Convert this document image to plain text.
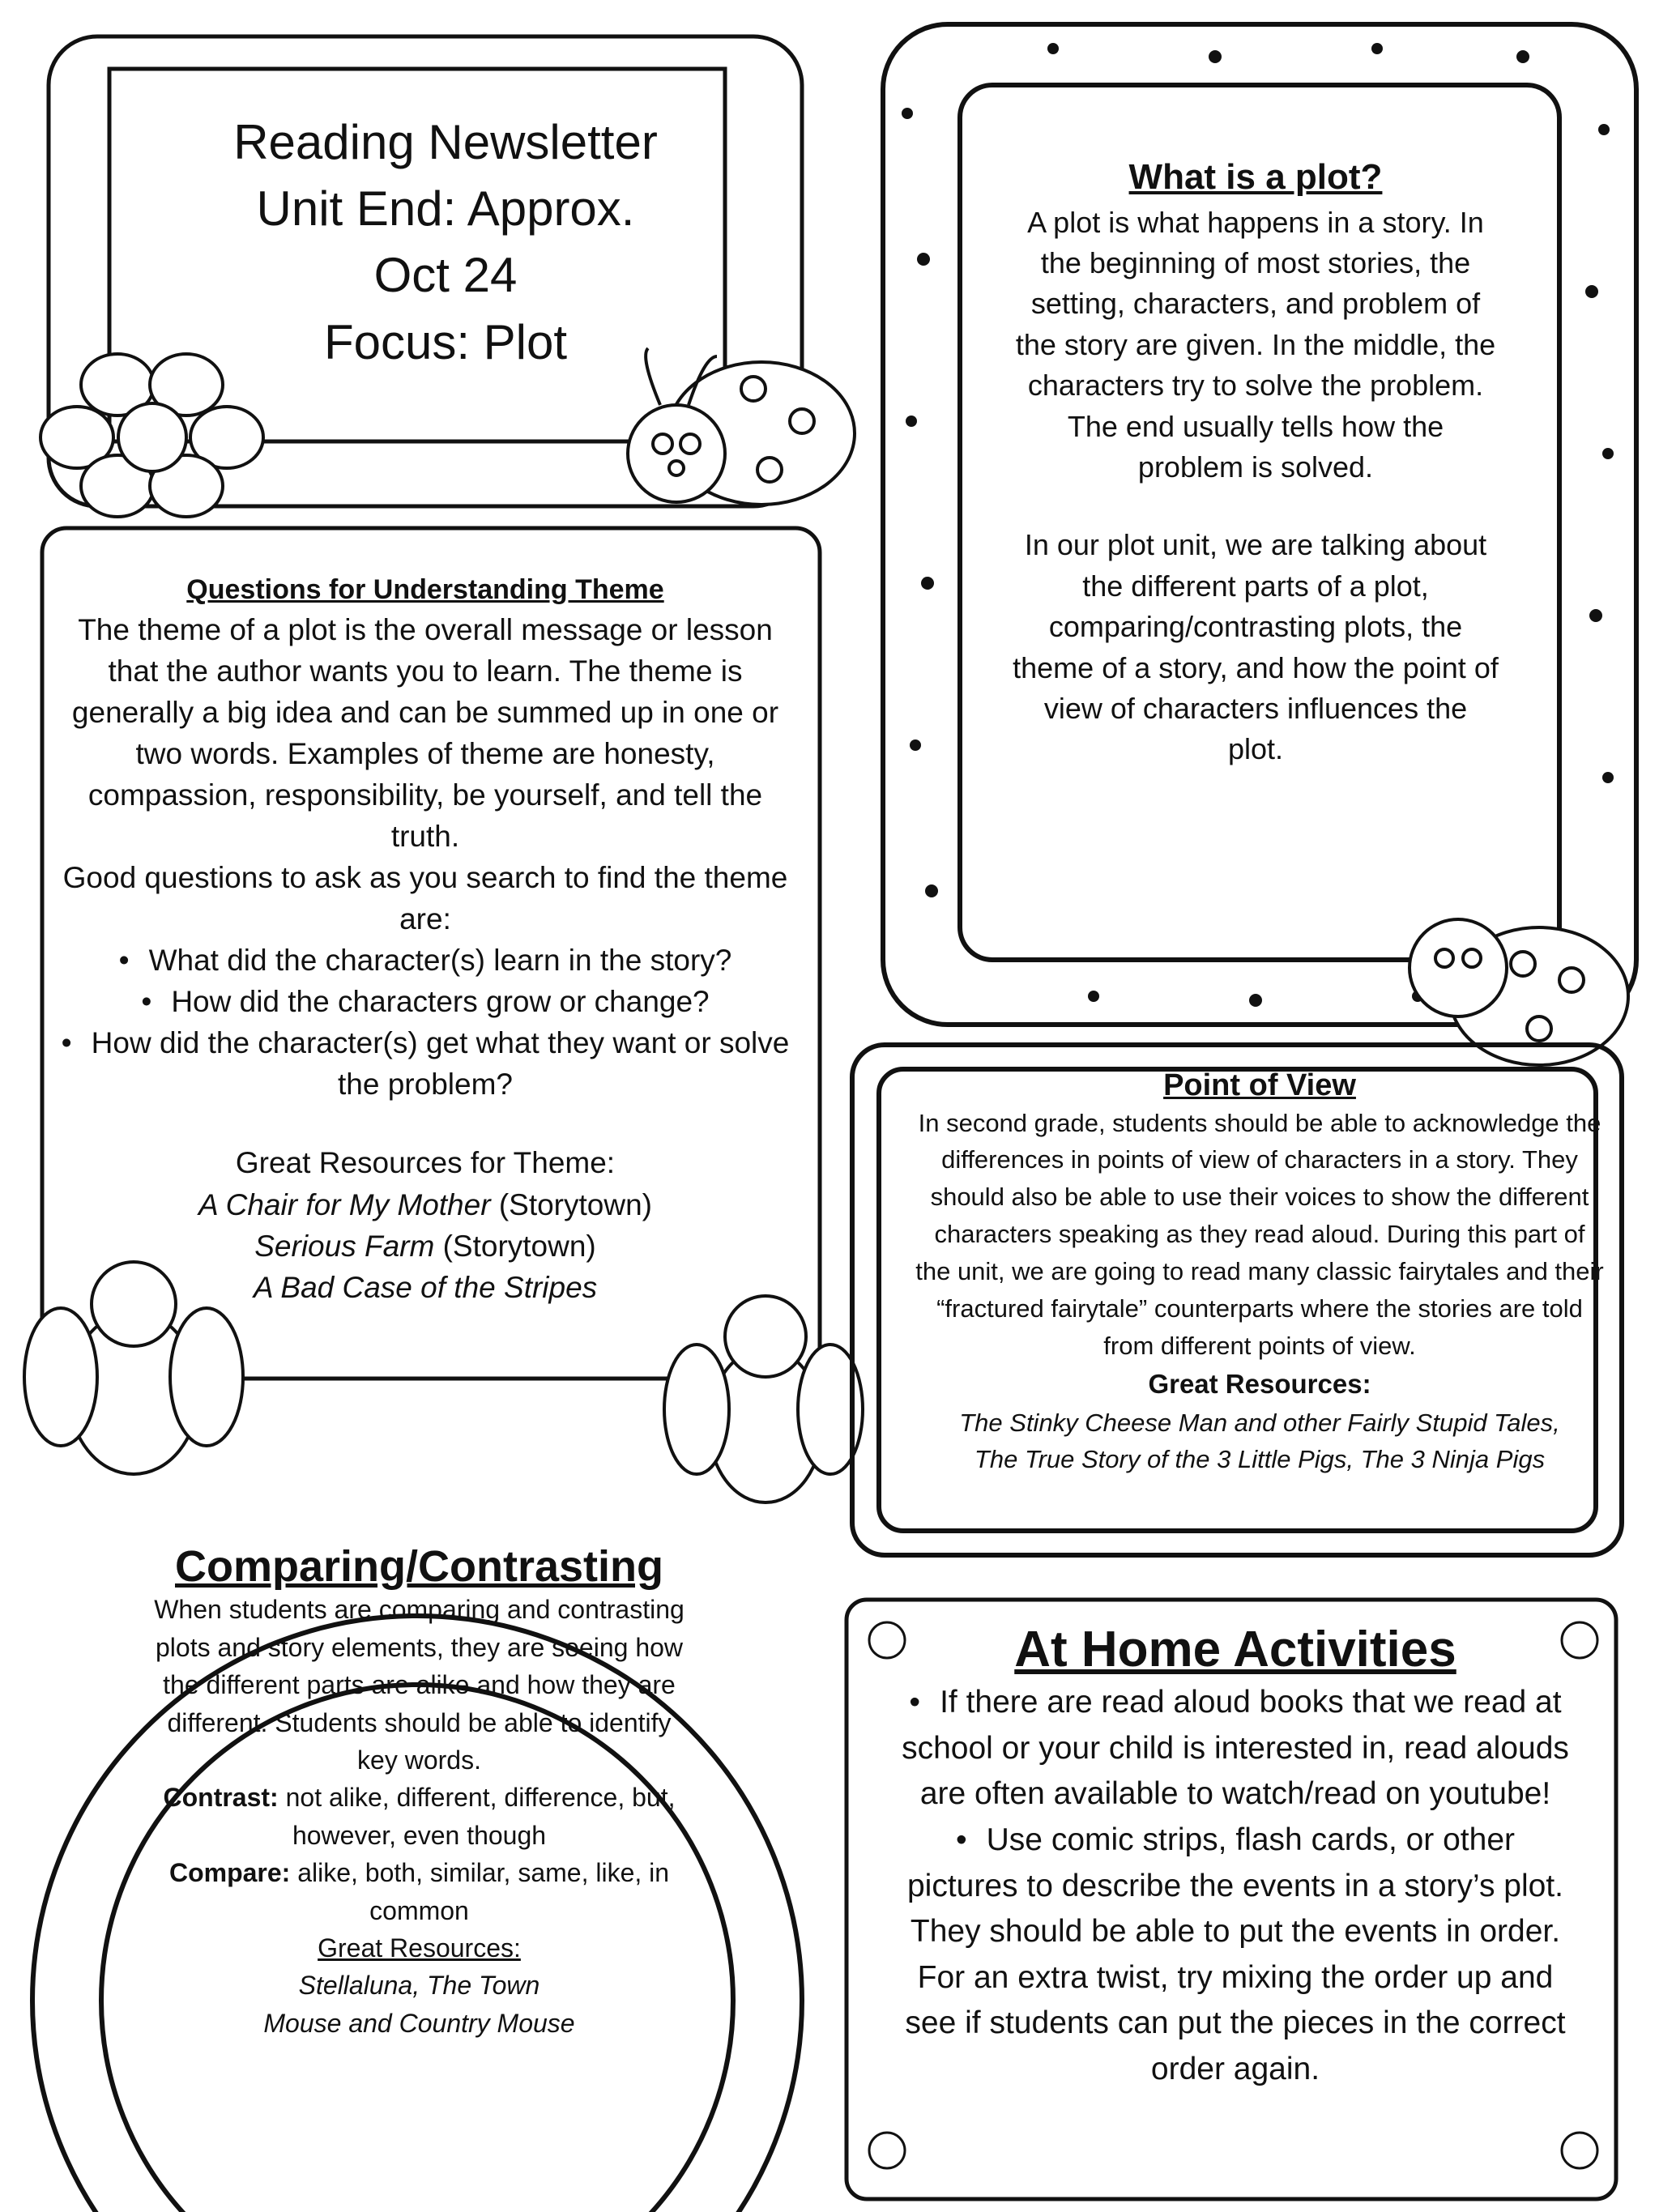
Reading Newsletter
Unit End: Approx.
Oct 24
Focus: Plot
What is a plot?
A plot is what happens in a story. In the beginning of most stories, the setting, characters, and problem of the story are given. In the middle, the characters try to solve the problem. The end usually tells how the problem is solved.
In our plot unit, we are talking about the different parts of a plot, comparing/contrasting plots, the theme of a story, and how the point of view of characters influences the plot.
Questions for Understanding Theme
The theme of a plot is the overall message or lesson that the author wants you to learn. The theme is generally a big idea and can be summed up in one or two words. Examples of theme are honesty, compassion, responsibility, be yourself, and tell the truth.
Good questions to ask as you search to find the theme are:
• What did the character(s) learn in the story?
• How did the characters grow or change?
• How did the character(s) get what they want or solve the problem?
Great Resources for Theme:
A Chair for My Mother (Storytown)
Serious Farm (Storytown)
A Bad Case of the Stripes
Point of View
In second grade, students should be able to acknowledge the differences in points of view of characters in a story. They should also be able to use their voices to show the different characters speaking as they read aloud. During this part of the unit, we are going to read many classic fairytales and their “fractured fairytale” counterparts where the stories are told from different points of view.
Great Resources:
The Stinky Cheese Man and other Fairly Stupid Tales,
The True Story of the 3 Little Pigs, The 3 Ninja Pigs
Comparing/Contrasting
When students are comparing and contrasting plots and story elements, they are seeing how the different parts are alike and how they are different. Students should be able to identify key words.
Contrast: not alike, different, difference, but, however, even though
Compare: alike, both, similar, same, like, in common
Great Resources:
Stellaluna, The Town
Mouse and Country Mouse
At Home Activities
• If there are read aloud books that we read at school or your child is interested in, read alouds are often available to watch/read on youtube!
• Use comic strips, flash cards, or other pictures to describe the events in a story’s plot. They should be able to put the events in order. For an extra twist, try mixing the order up and see if students can put the pieces in the correct order again.
